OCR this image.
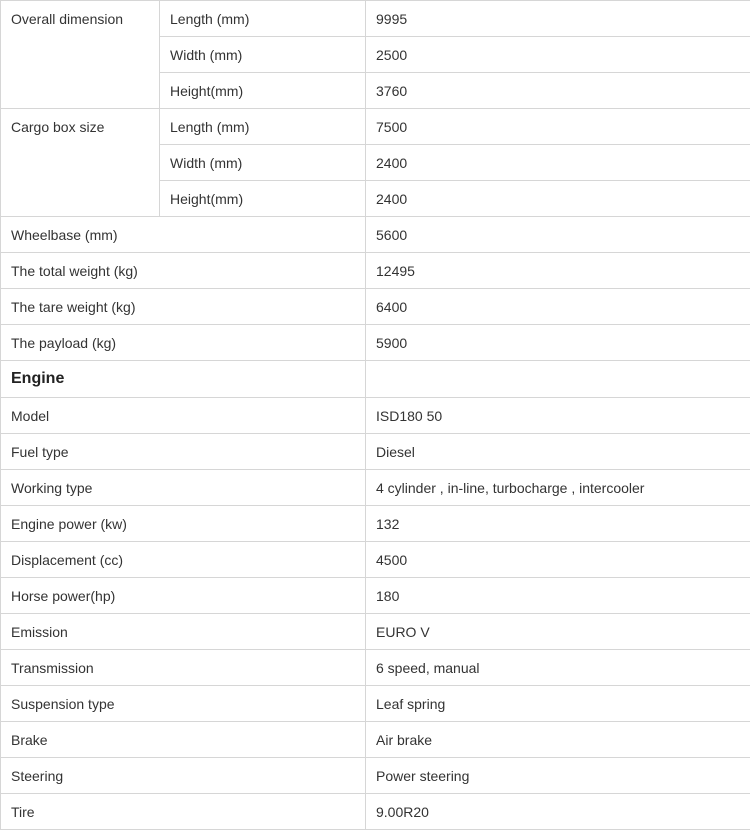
Overall dimension	Length (mm)	9995
	Width (mm)	2500
	Height(mm)	3760
Cargo box size	Length (mm)	7500
	Width (mm)	2400
	Height(mm)	2400
Wheelbase (mm)		5600
The total weight (kg)		12495
The tare weight (kg)		6400
The payload (kg)		5900
Engine		
Model		ISD180 50
Fuel type		Diesel
Working type		4 cylinder , in-line, turbocharge , intercooler
Engine power (kw)		132
Displacement (cc)		4500
Horse power(hp)		180
Emission		EURO V
Transmission		6 speed, manual
Suspension type		Leaf spring
Brake		Air brake
Steering		Power steering
Tire		9.00R20
